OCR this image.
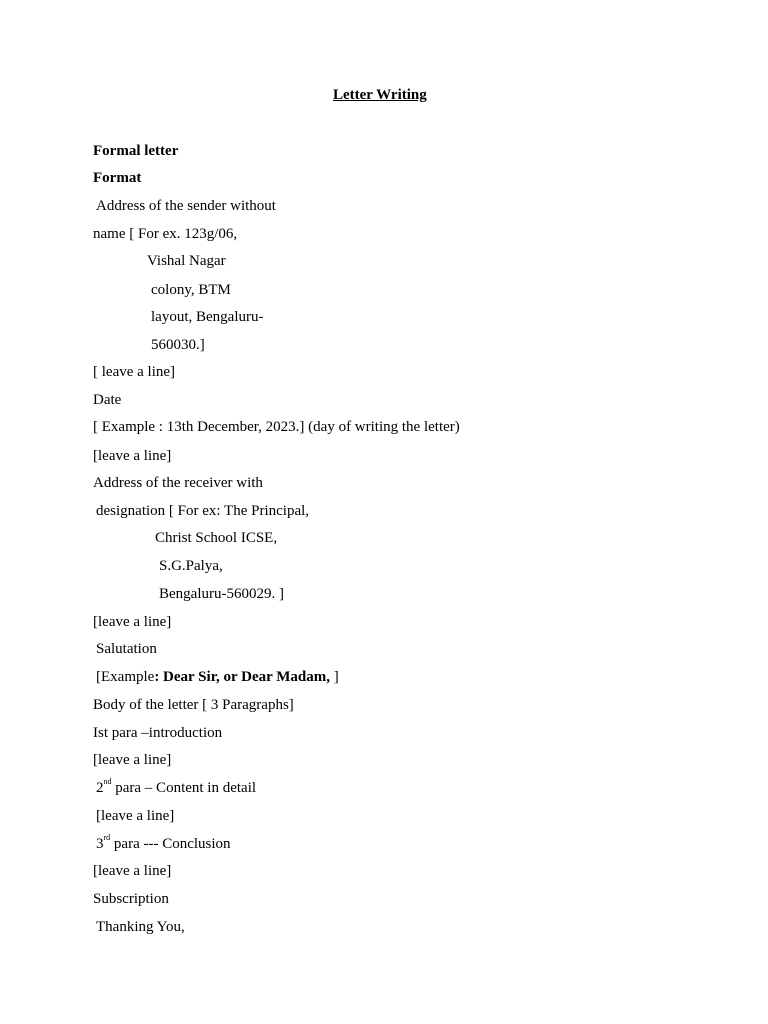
Letter Writing
Formal letter
Format
Address of the sender without
name [ For ex. 123g/06,
Vishal Nagar
colony, BTM
layout, Bengaluru-
560030.]
[ leave a line]
Date
[ Example : 13th December, 2023.] (day of writing the letter)
[leave a line]
Address of the receiver with
designation [ For ex: The Principal,
Christ School ICSE,
S.G.Palya,
Bengaluru-560029. ]
[leave a line]
Salutation
[Example: Dear Sir, or Dear Madam, ]
Body of the letter [ 3 Paragraphs]
Ist para –introduction
[leave a line]
2nd para – Content in detail
[leave a line]
3rd para --- Conclusion
[leave a line]
Subscription
Thanking You,
